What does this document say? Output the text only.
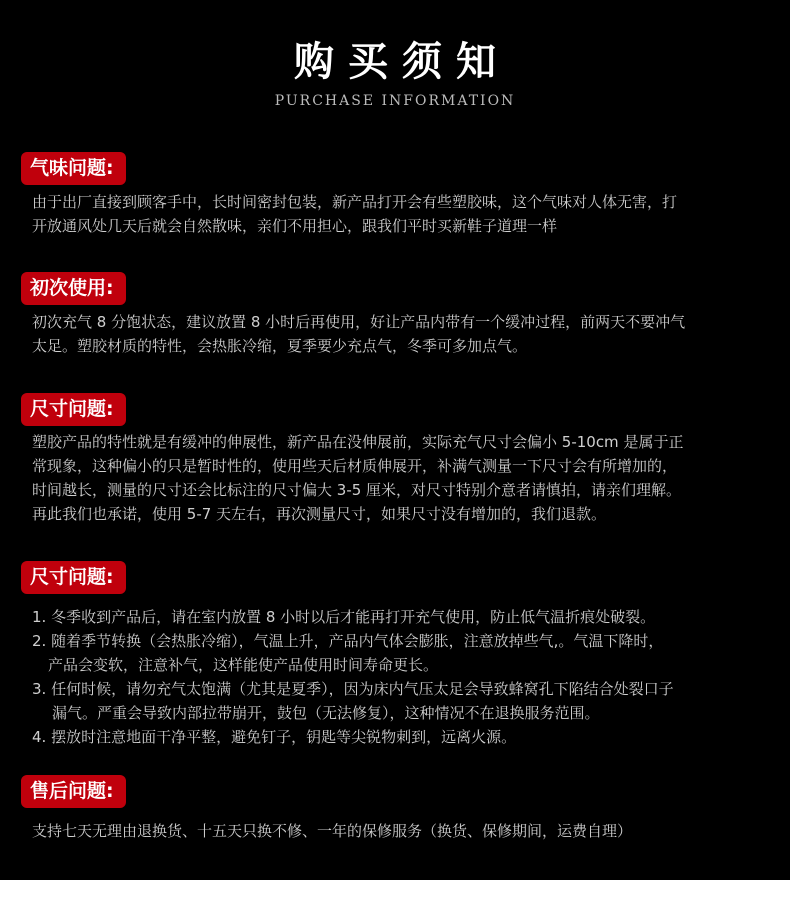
购买须知
PURCHASE INFORMATION
气味问题:
由于出厂直接到顾客手中，长时间密封包装，新产品打开会有些塑胶味，这个气味对人体无害，打
开放通风处几天后就会自然散味，亲们不用担心，跟我们平时买新鞋子道理一样
初次使用:
初次充气 8 分饱状态，建议放置 8 小时后再使用，好让产品内带有一个缓冲过程，前两天不要冲气
太足。塑胶材质的特性，会热胀冷缩，夏季要少充点气，冬季可多加点气。
尺寸问题:
塑胶产品的特性就是有缓冲的伸展性，新产品在没伸展前，实际充气尺寸会偏小 5-10cm 是属于正
常现象，这种偏小的只是暂时性的，使用些天后材质伸展开，补满气测量一下尺寸会有所增加的，
时间越长，测量的尺寸还会比标注的尺寸偏大 3-5 厘米，对尺寸特别介意者请慎拍，请亲们理解。
再此我们也承诺，使用 5-7 天左右，再次测量尺寸，如果尺寸没有增加的，我们退款。
尺寸问题:
1. 冬季收到产品后，请在室内放置 8 小时以后才能再打开充气使用，防止低气温折痕处破裂。
2. 随着季节转换（会热胀冷缩），气温上升，产品内气体会膨胀，注意放掉些气,。气温下降时，
产品会变软，注意补气，这样能使产品使用时间寿命更长。
3. 任何时候，请勿充气太饱满（尤其是夏季），因为床内气压太足会导致蜂窝孔下陷结合处裂口子
漏气。严重会导致内部拉带崩开，鼓包（无法修复），这种情况不在退换服务范围。
4. 摆放时注意地面干净平整，避免钉子，钥匙等尖锐物刺到，远离火源。
售后问题:
支持七天无理由退换货、十五天只换不修、一年的保修服务（换货、保修期间，运费自理）
